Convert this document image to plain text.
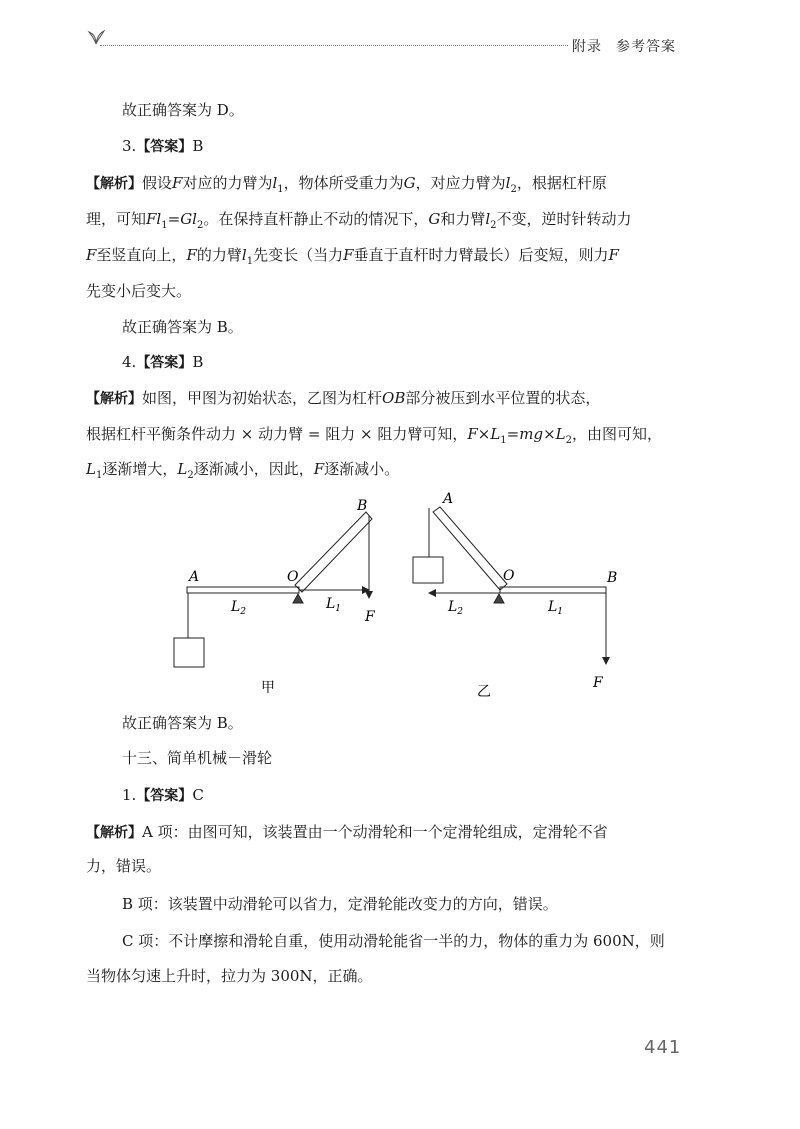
附录 参考答案
故正确答案为 D。
3.【答案】B
【解析】假设F对应的力臂为$l_1$，物体所受重力为G，对应力臂为$l_2$，根据杠杆原
理，可知$Fl_1=Gl_2$。在保持直杆静止不动的情况下，G和力臂$l_2$不变，逆时针转动力
F至竖直向上，F的力臂$l_1$先变长（当力F垂直于直杆时力臂最长）后变短，则力F
先变小后变大。
故正确答案为 B。
4.【答案】B
【解析】如图，甲图为初始状态，乙图为杠杆OB部分被压到水平位置的状态，
根据杠杆平衡条件动力 × 动力臂 = 阻力 × 阻力臂可知，$F\times L_1=mg\times L_2$，由图可知，
$L_1$逐渐增大，$L_2$逐渐减小，因此，F逐渐减小。
A	O
B
F
$L_2$	$L_1$
甲
A
O	B
F
$L_2$	$L_1$
乙
故正确答案为 B。
十三、简单机械－滑轮
1.【答案】C
【解析】A 项：由图可知，该装置由一个动滑轮和一个定滑轮组成，定滑轮不省
力，错误。
B 项：该装置中动滑轮可以省力，定滑轮能改变力的方向，错误。
C 项：不计摩擦和滑轮自重，使用动滑轮能省一半的力，物体的重力为 600N，则
当物体匀速上升时，拉力为 300N，正确。
441
